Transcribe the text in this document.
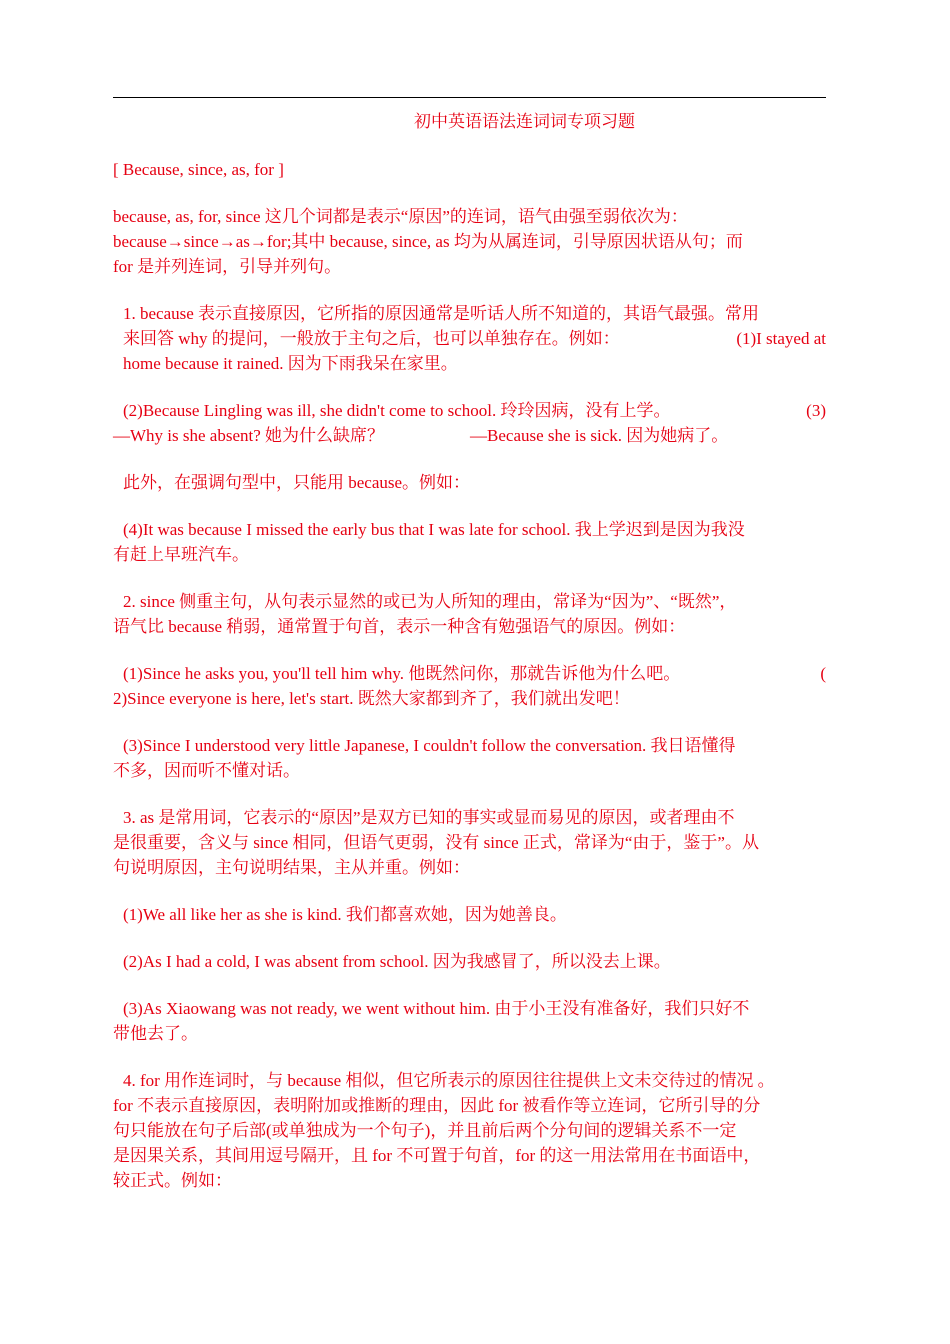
初中英语语法连词词专项习题

[ Because, since, as, for ]

because, as, for, since 这几个词都是表示“原因”的连词，语气由强至弱依次为：
because→since→as→for;其中 because, since, as 均为从属连词，引导原因状语从句；而
for 是并列连词，引导并列句。

1. because 表示直接原因，它所指的原因通常是听话人所不知道的，其语气最强。常用
来回答 why 的提问，一般放于主句之后，也可以单独存在。例如：	(1)I stayed at
home because it rained. 因为下雨我呆在家里。

(2)Because Lingling was ill, she didn't come to school. 玲玲因病，没有上学。	(3)
—Why is she absent? 她为什么缺席？	—Because she is sick. 因为她病了。

此外，在强调句型中，只能用 because。例如：

(4)It was because I missed the early bus that I was late for school. 我上学迟到是因为我没
有赶上早班汽车。

2. since 侧重主句，从句表示显然的或已为人所知的理由，常译为“因为”、“既然”，
语气比 because 稍弱，通常置于句首，表示一种含有勉强语气的原因。例如：

(1)Since he asks you, you'll tell him why. 他既然问你，那就告诉他为什么吧。	(
2)Since everyone is here, let's start. 既然大家都到齐了，我们就出发吧！

(3)Since I understood very little Japanese, I couldn't follow the conversation. 我日语懂得
不多，因而听不懂对话。

3. as 是常用词，它表示的“原因”是双方已知的事实或显而易见的原因，或者理由不
是很重要，含义与 since 相同，但语气更弱，没有 since 正式，常译为“由于，鉴于”。从
句说明原因，主句说明结果，主从并重。例如：

(1)We all like her as she is kind. 我们都喜欢她，因为她善良。

(2)As I had a cold, I was absent from school. 因为我感冒了，所以没去上课。

(3)As Xiaowang was not ready, we went without him. 由于小王没有准备好，我们只好不
带他去了。

4. for 用作连词时，与 because 相似，但它所表示的原因往往提供上文未交待过的情况 。
for 不表示直接原因，表明附加或推断的理由，因此 for 被看作等立连词，它所引导的分
句只能放在句子后部(或单独成为一个句子)，并且前后两个分句间的逻辑关系不一定
是因果关系，其间用逗号隔开，且 for 不可置于句首，for 的这一用法常用在书面语中，
较正式。例如：
